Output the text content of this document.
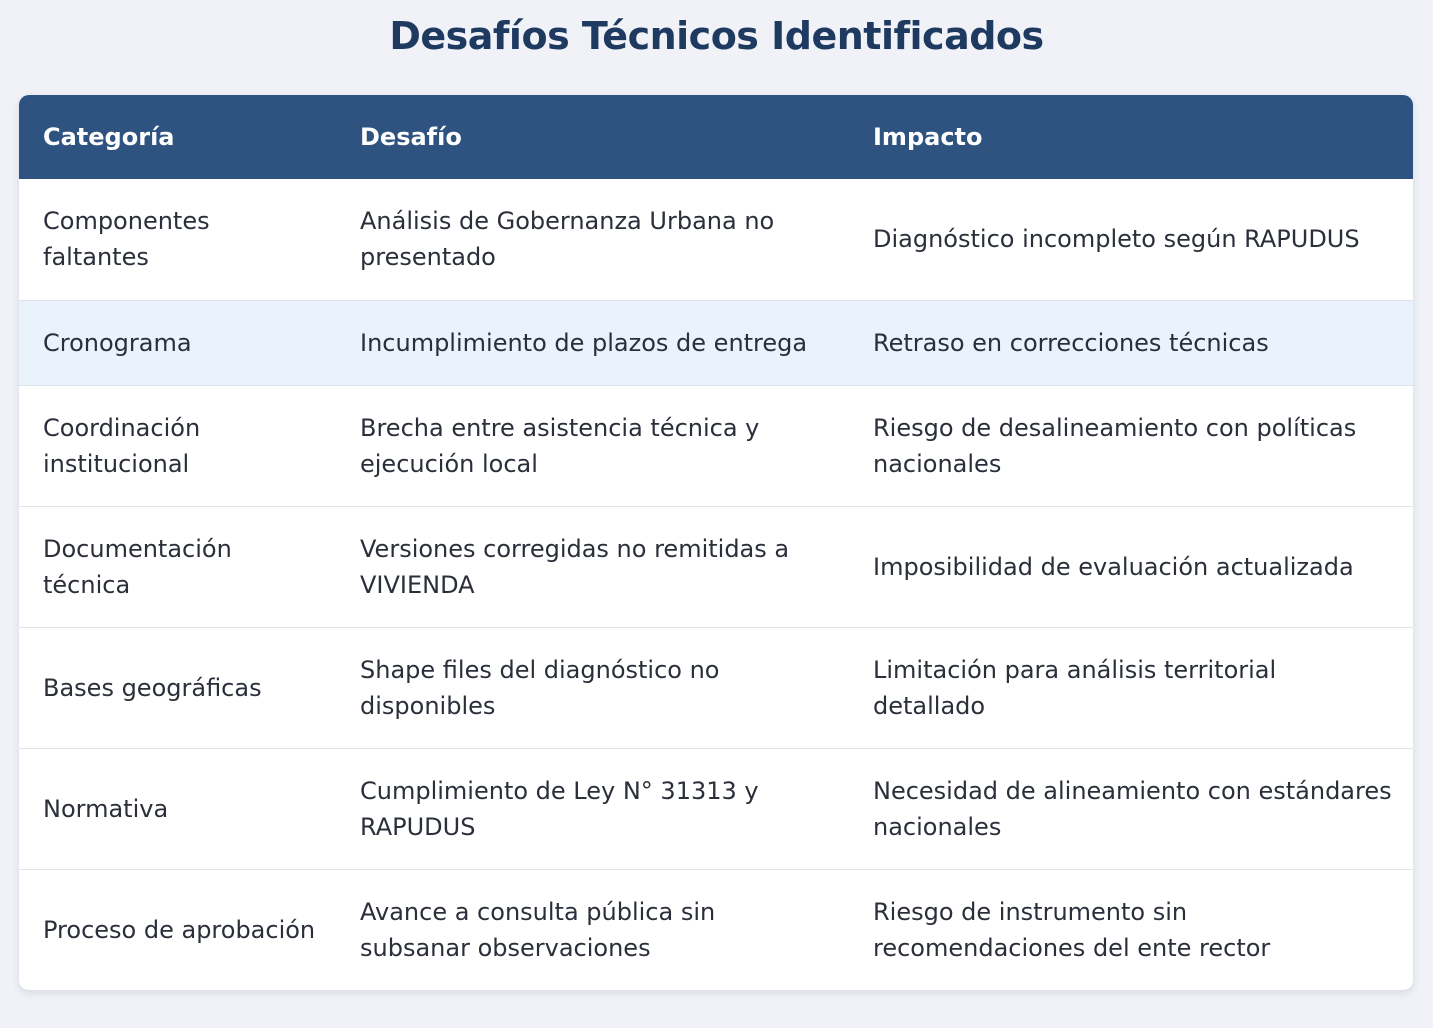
Desafíos Técnicos Identificados
Categoría	Desafío	Impacto
Componentes faltantes	Análisis de Gobernanza Urbana no presentado	Diagnóstico incompleto según RAPUDUS
Cronograma	Incumplimiento de plazos de entrega	Retraso en correcciones técnicas
Coordinación institucional	Brecha entre asistencia técnica y ejecución local	Riesgo de desalineamiento con políticas nacionales
Documentación técnica	Versiones corregidas no remitidas a VIVIENDA	Imposibilidad de evaluación actualizada
Bases geográficas	Shape files del diagnóstico no disponibles	Limitación para análisis territorial detallado
Normativa	Cumplimiento de Ley N° 31313 y RAPUDUS	Necesidad de alineamiento con estándares nacionales
Proceso de aprobación	Avance a consulta pública sin subsanar observaciones	Riesgo de instrumento sin recomendaciones del ente rector
